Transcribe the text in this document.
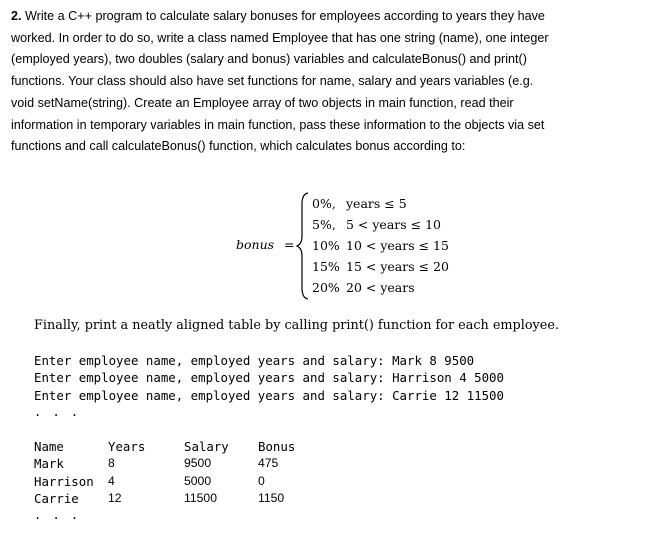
2. Write a C++ program to calculate salary bonuses for employees according to years they have
worked. In order to do so, write a class named Employee that has one string (name), one integer
(employed years), two doubles (salary and bonus) variables and calculateBonus() and print()
functions. Your class should also have set functions for name, salary and years variables (e.g.
void setName(string). Create an Employee array of two objects in main function, read their
information in temporary variables in main function, pass these information to the objects via set
functions and call calculateBonus() function, which calculates bonus according to:
bonus =
0%, years ≤ 5
5%, 5 < years ≤ 10
10% 10 < years ≤ 15
15% 15 < years ≤ 20
20% 20 < years

Finally, print a neatly aligned table by calling print() function for each employee.

Enter employee name, employed years and salary: Mark 8 9500
Enter employee name, employed years and salary: Harrison 4 5000
Enter employee name, employed years and salary: Carrie 12 11500
. . .
Name	Years	Salary Bonus
Mark	8	9500	475
Harrison 4	5000	0
Carrie 12	11500	1150
. . .
